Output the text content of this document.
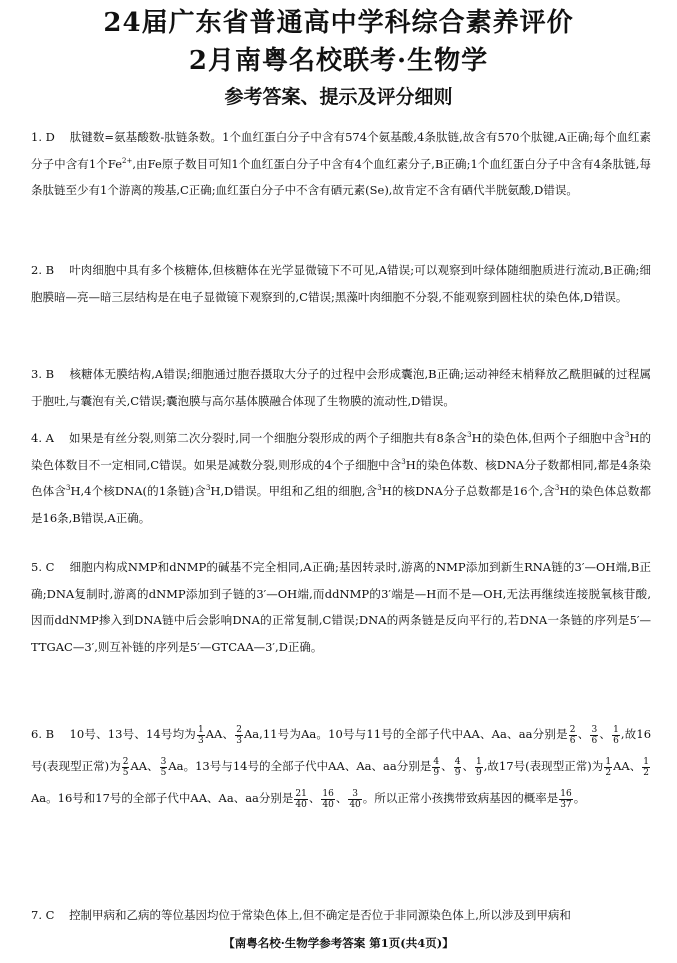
24届广东省普通高中学科综合素养评价
2月南粤名校联考·生物学
参考答案、提示及评分细则
1. D 肽键数=氨基酸数-肽链条数。1个血红蛋白分子中含有574个氨基酸,4条肽链,故含有570个肽键,A正确;每个血红素分子中含有1个$Fe^{2+}$,由Fe原子数目可知1个血红蛋白分子中含有4个血红素分子,B正确;1个血红蛋白分子中含有4条肽链,每条肽链至少有1个游离的羧基,C正确;血红蛋白分子中不含有硒元素(Se),故肯定不含有硒代半胱氨酸,D错误。
2. B 叶肉细胞中具有多个核糖体,但核糖体在光学显微镜下不可见,A错误;可以观察到叶绿体随细胞质进行流动,B正确;细胞膜暗—亮—暗三层结构是在电子显微镜下观察到的,C错误;黑藻叶肉细胞不分裂,不能观察到圆柱状的染色体,D错误。
3. B 核糖体无膜结构,A错误;细胞通过胞吞摄取大分子的过程中会形成囊泡,B正确;运动神经末梢释放乙酰胆碱的过程属于胞吐,与囊泡有关,C错误;囊泡膜与高尔基体膜融合体现了生物膜的流动性,D错误。
4. A 如果是有丝分裂,则第二次分裂时,同一个细胞分裂形成的两个子细胞共有8条含$^3$H的染色体,但两个子细胞中含$^3$H的染色体数目不一定相同,C错误。如果是减数分裂,则形成的4个子细胞中含$^3$H的染色体数、核DNA分子数都相同,都是4条染色体含$^3$H,4个核DNA(的1条链)含$^3$H,D错误。甲组和乙组的细胞,含$^3$H的核DNA分子总数都是16个,含$^3$H的染色体总数都是16条,B错误,A正确。
5. C 细胞内构成NMP和dNMP的碱基不完全相同,A正确;基因转录时,游离的NMP添加到新生RNA链的3′—OH端,B正确;DNA复制时,游离的dNMP添加到子链的3′—OH端,而ddNMP的3′端是—H而不是—OH,无法再继续连接脱氧核苷酸,因而ddNMP掺入到DNA链中后会影响DNA的正常复制,C错误;DNA的两条链是反向平行的,若DNA一条链的序列是5′—TTGAC—3′,则互补链的序列是5′—GTCAA—3′,D正确。
6. B 10号、13号、14号均为 $\frac{1}{3}$ AA、 $\frac{2}{3} Aa,11$号为Aa。10号与11号的全部子代中AA、Aa、aa分别是 $\frac{2}{6}$ 、 $\frac{3}{6}$ 、 $\frac{1}{6}$ ,故16号(表现型正常)为 $\frac{2}{5}$ AA、 $\frac{3}{5}$ Aa。13号与14号的全部子代中AA、Aa、aa分别是 $\frac{4}{9}$ 、 $\frac{4}{9}$ 、 $\frac{1}{9}$ ,故17号(表现型正常)为 $\frac{1}{2}$ AA、 $\frac{1}{2}$
Aa。16号和17号的全部子代中AA、Aa、aa分别是 $\frac{21}{40}$ 、 $\frac{16}{40}$ 、 $\frac{3}{40}$ 。所以正常小孩携带致病基因的概率是 $\frac{16}{37}$ 。
7. C 控制甲病和乙病的等位基因均位于常染色体上,但不确定是否位于非同源染色体上,所以涉及到甲病和
【南粤名校·生物学参考答案 第1页(共4页)】
